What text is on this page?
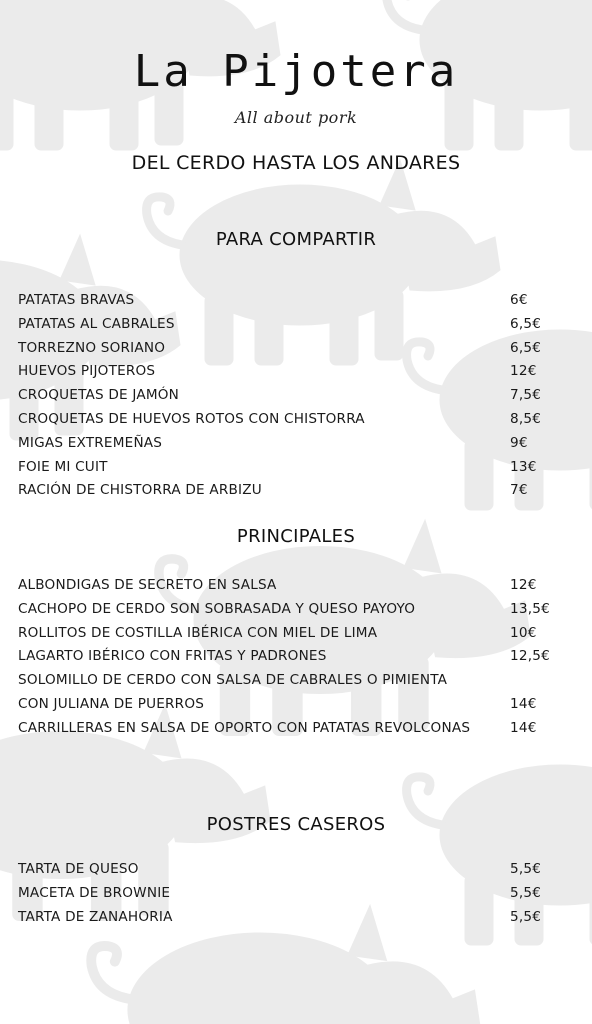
La Pijotera
All about pork
DEL CERDO HASTA LOS ANDARES
PARA COMPARTIR
PATATAS BRAVAS	6€
PATATAS AL CABRALES	6,5€
TORREZNO SORIANO	6,5€
HUEVOS PIJOTEROS	12€
CROQUETAS DE JAMÓN	7,5€
CROQUETAS DE HUEVOS ROTOS CON CHISTORRA	8,5€
MIGAS EXTREMEÑAS	9€
FOIE MI CUIT	13€
RACIÓN DE CHISTORRA DE ARBIZU	7€
PRINCIPALES
ALBONDIGAS DE SECRETO EN SALSA	12€
CACHOPO DE CERDO SON SOBRASADA Y QUESO PAYOYO	13,5€
ROLLITOS DE COSTILLA IBÉRICA CON MIEL DE LIMA	10€
LAGARTO IBÉRICO CON FRITAS Y PADRONES	12,5€
SOLOMILLO DE CERDO CON SALSA DE CABRALES O PIMIENTA
CON JULIANA DE PUERROS	14€
CARRILLERAS EN SALSA DE OPORTO CON PATATAS REVOLCONAS	14€
POSTRES CASEROS
TARTA DE QUESO	5,5€
MACETA DE BROWNIE	5,5€
TARTA DE ZANAHORIA	5,5€
